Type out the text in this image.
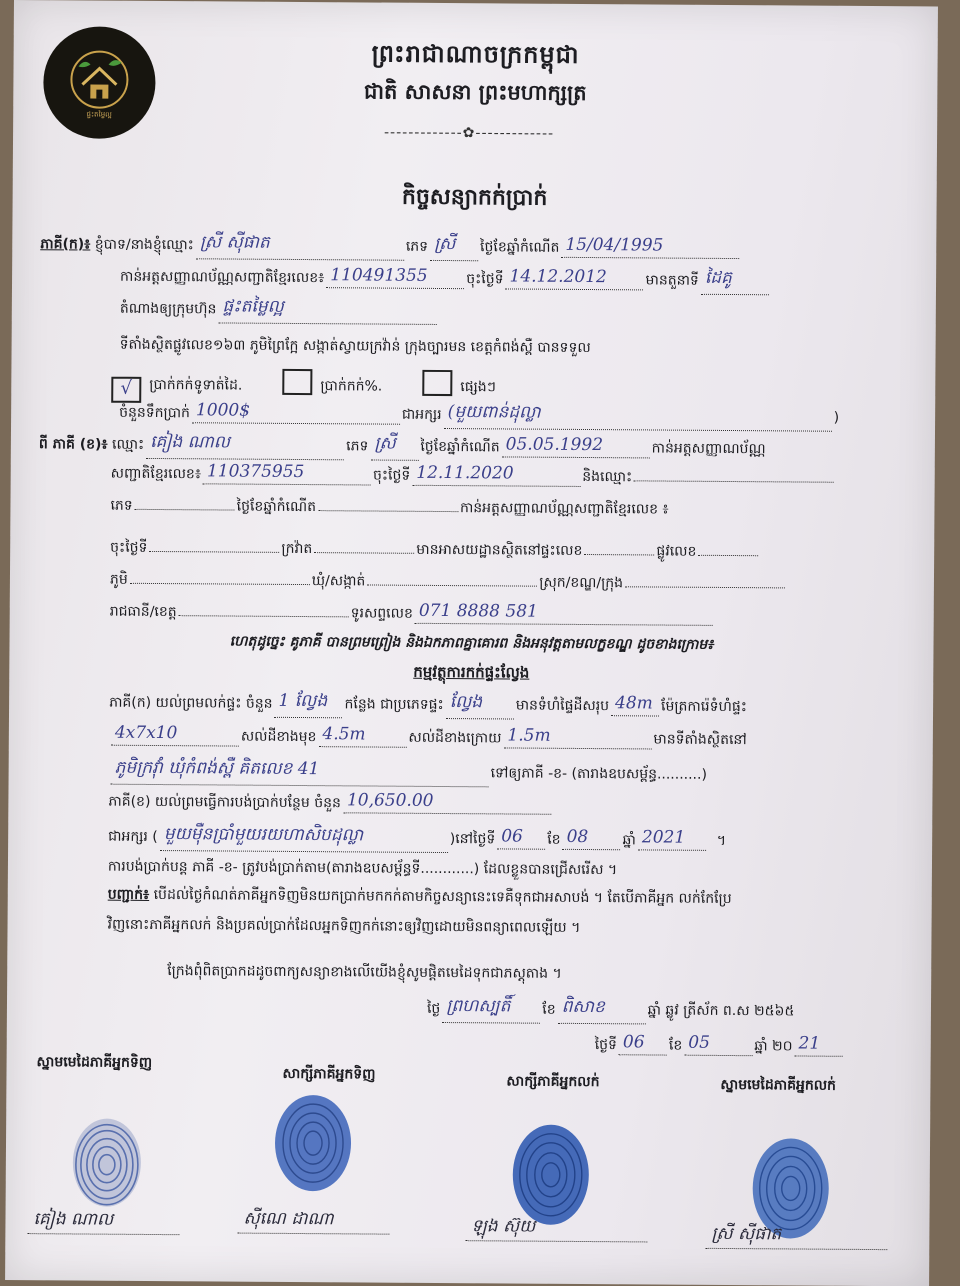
ផ្ទះតម្លៃល្អ
ព្រះរាជាណាចក្រកម្ពុជា
ជាតិ សាសនា ព្រះមហាក្សត្រ
-------------✿-------------
កិច្ចសន្យាកក់ប្រាក់
ភាគី(ក)៖
ខ្ញុំបាទ/នាងខ្ញុំឈ្មោះ ស្រី ស៊ីផាត	ភេទ ស្រី	ថ្ងៃខែឆ្នាំកំណើត 15/04/1995
កាន់អត្តសញ្ញាណប័ណ្ណសញ្ជាតិខ្មែរលេខ៖ 110491355	ចុះថ្ងៃទី 14.12.2012	មានតួនាទី ដៃគូ
តំណាងឲ្យក្រុមហ៊ុន ផ្ទះតម្លៃល្អ
ទីតាំងស្ថិតផ្លូវលេខ១៦៣ ភូមិព្រៃក្អែ សង្កាត់ស្វាយក្រវ៉ាន់ ក្រុងច្បារមន ខេត្តកំពង់ស្ពឺ បានទទួល
√	ប្រាក់កក់ទូទាត់ដៃ.	ប្រាក់កក់%.	ផ្សេងៗ
ចំនួនទឹកប្រាក់ 1000$	ជាអក្សរ (មួយពាន់ដុល្លា	)
ពី ភាគី (ខ)៖
ឈ្មោះ គៀង ណាល	ភេទ ស្រី	ថ្ងៃខែឆ្នាំកំណើត 05.05.1992	កាន់អត្តសញ្ញាណប័ណ្ណ
សញ្ជាតិខ្មែរលេខ៖ 110375955	ចុះថ្ងៃទី 12.11.2020	និងឈ្មោះ
ភេទ	ថ្ងៃខែឆ្នាំកំណើត	កាន់អត្តសញ្ញាណប័ណ្ណសញ្ជាតិខ្មែរលេខ ៖
ចុះថ្ងៃទី	ក្រវ៉ាត	មានអាសយដ្ឋានស្ថិតនៅផ្ទះលេខ	ផ្លូវលេខ
ភូមិ	ឃុំ/សង្កាត់	ស្រុក/ខណ្ឌ/ក្រុង
រាជធានី/ខេត្ត	ទូរសព្ទលេខ 071 8888 581
ហេតុដូច្នេះ គូភាគី បានព្រមព្រៀង និងឯកភាពគ្នាគោរព និងអនុវត្តតាមលក្ខខណ្ឌ ដូចខាងក្រោម៖
កម្មវត្ថុការកក់ផ្ទះល្វែង
ភាគី(ក) យល់ព្រមលក់ផ្ទះ ចំនួន 1 ល្វែង	កន្លែង ជាប្រភេទផ្ទះ ល្វែង	មានទំហំផ្ទៃដីសរុប 48m ម៉ែត្រការ៉េទំហំផ្ទះ
4x7x10	សល់ដីខាងមុខ 4.5m	សល់ដីខាងក្រោយ 1.5m	មានទីតាំងស្ថិតនៅ
ភូមិក្រវ៉ាំ ឃុំកំពង់ស្ពឺ គិតលេខ 41	ទៅឲ្យភាគី -ខ- (តារាងឧបសម្ព័ន្ធ..........)
ភាគី(ខ) យល់ព្រមធ្វើការបង់ប្រាក់បន្ថែម ចំនួន 10,650.00
ជាអក្សរ ( មួយម៉ឺនប្រាំមួយរយហាសិបដុល្លា	)នៅថ្ងៃទី 06	ខែ 08	ឆ្នាំ 2021	។
ការបង់ប្រាក់បន្ត ភាគី -ខ- ត្រូវបង់ប្រាក់តាម(តារាងឧបសម្ព័ន្ធទី............) ដែលខ្លួនបានជ្រើសរើស ។
បញ្ជាក់៖
បើដល់ថ្ងៃកំណត់ភាគីអ្នកទិញមិនយកប្រាក់មកកក់តាមកិច្ចសន្យានេះទេគឺទុកជាអសាបង់ ។ តែបើភាគីអ្នក លក់កែប្រែ
វិញនោះភាគីអ្នកលក់ និងប្រគល់ប្រាក់ដែលអ្នកទិញកក់នោះឲ្យវិញដោយមិនពន្យាពេលឡើយ ។
ក្រែងពុំពិតប្រាកដដូចពាក្យសន្យាខាងលើយើងខ្ញុំសូមផ្តិតមេដៃទុកជាភស្តុតាង ។
ថ្ងៃ ព្រហស្បតិ៍	ខែ ពិសាខ	ឆ្នាំ ឆ្លូវ ត្រីស័ក ព.ស ២៥៦៥
ថ្ងៃទី 06	ខែ 05	ឆ្នាំ ២០ 21
ស្នាមមេដៃភាគីអ្នកទិញ
សាក្សីភាគីអ្នកទិញ	សាក្សីភាគីអ្នកលក់	ស្នាមមេដៃភាគីអ្នកលក់
គៀង ណាល	ស៊ីណេ ដាណា	ឡុង ស៊ុយ	ស្រី ស៊ីផាត
